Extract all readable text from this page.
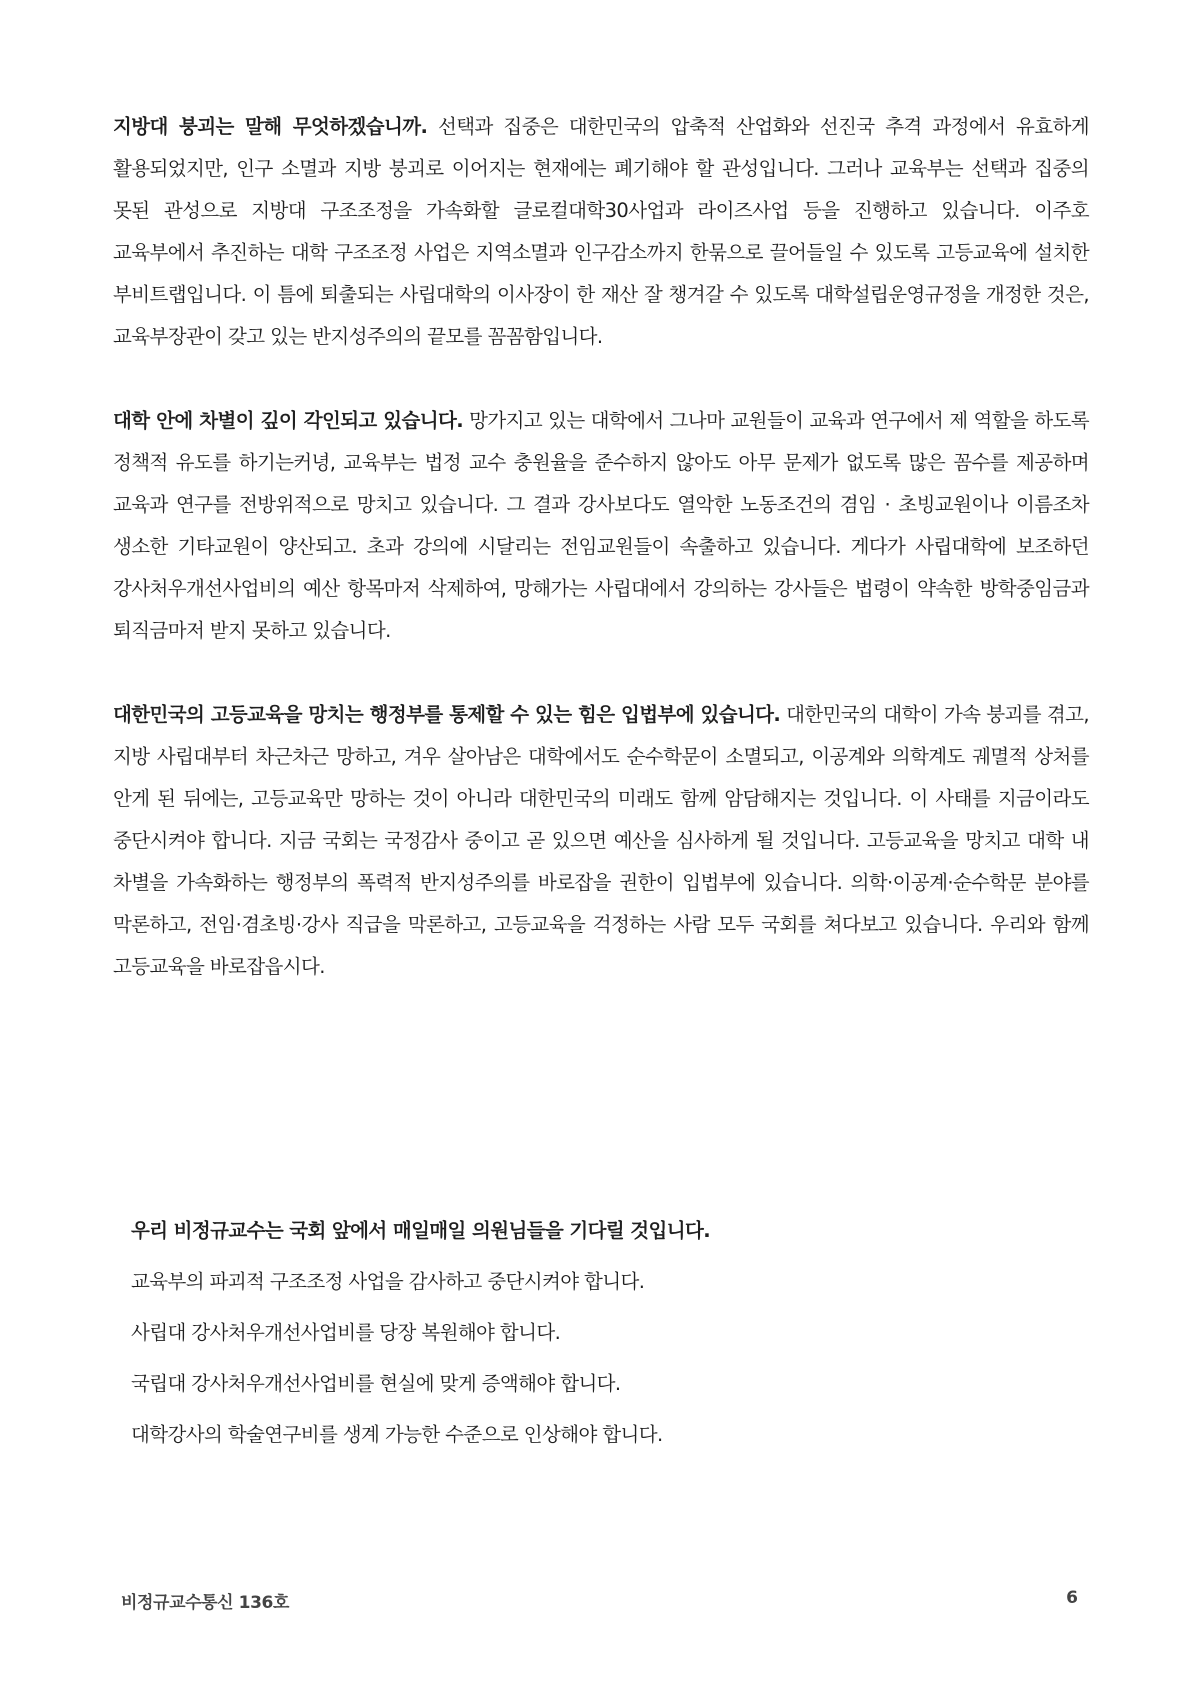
지방대 붕괴는 말해 무엇하겠습니까. 선택과 집중은 대한민국의 압축적 산업화와 선진국 추격 과정에서 유효하게 활용되었지만, 인구 소멸과 지방 붕괴로 이어지는 현재에는 폐기해야 할 관성입니다. 그러나 교육부는 선택과 집중의 못된 관성으로 지방대 구조조정을 가속화할 글로컬대학30사업과 라이즈사업 등을 진행하고 있습니다. 이주호 교육부에서 추진하는 대학 구조조정 사업은 지역소멸과 인구감소까지 한묶으로 끌어들일 수 있도록 고등교육에 설치한 부비트랩입니다. 이 틈에 퇴출되는 사립대학의 이사장이 한 재산 잘 챙겨갈 수 있도록 대학설립운영규정을 개정한 것은, 교육부장관이 갖고 있는 반지성주의의 끝모를 꼼꼼함입니다.

대학 안에 차별이 깊이 각인되고 있습니다. 망가지고 있는 대학에서 그나마 교원들이 교육과 연구에서 제 역할을 하도록 정책적 유도를 하기는커녕, 교육부는 법정 교수 충원율을 준수하지 않아도 아무 문제가 없도록 많은 꼼수를 제공하며 교육과 연구를 전방위적으로 망치고 있습니다. 그 결과 강사보다도 열악한 노동조건의 겸임 · 초빙교원이나 이름조차 생소한 기타교원이 양산되고. 초과 강의에 시달리는 전임교원들이 속출하고 있습니다. 게다가 사립대학에 보조하던 강사처우개선사업비의 예산 항목마저 삭제하여, 망해가는 사립대에서 강의하는 강사들은 법령이 약속한 방학중임금과 퇴직금마저 받지 못하고 있습니다.

대한민국의 고등교육을 망치는 행정부를 통제할 수 있는 힘은 입법부에 있습니다. 대한민국의 대학이 가속 붕괴를 겪고, 지방 사립대부터 차근차근 망하고, 겨우 살아남은 대학에서도 순수학문이 소멸되고, 이공계와 의학계도 궤멸적 상처를 안게 된 뒤에는, 고등교육만 망하는 것이 아니라 대한민국의 미래도 함께 암담해지는 것입니다. 이 사태를 지금이라도 중단시켜야 합니다. 지금 국회는 국정감사 중이고 곧 있으면 예산을 심사하게 될 것입니다. 고등교육을 망치고 대학 내 차별을 가속화하는 행정부의 폭력적 반지성주의를 바로잡을 권한이 입법부에 있습니다. 의학·이공계·순수학문 분야를 막론하고, 전임·겸초빙·강사 직급을 막론하고, 고등교육을 걱정하는 사람 모두 국회를 쳐다보고 있습니다. 우리와 함께 고등교육을 바로잡읍시다.

우리 비정규교수는 국회 앞에서 매일매일 의원님들을 기다릴 것입니다.

교육부의 파괴적 구조조정 사업을 감사하고 중단시켜야 합니다.
사립대 강사처우개선사업비를 당장 복원해야 합니다.
국립대 강사처우개선사업비를 현실에 맞게 증액해야 합니다.
대학강사의 학술연구비를 생계 가능한 수준으로 인상해야 합니다.
비정규교수통신 136호	6
